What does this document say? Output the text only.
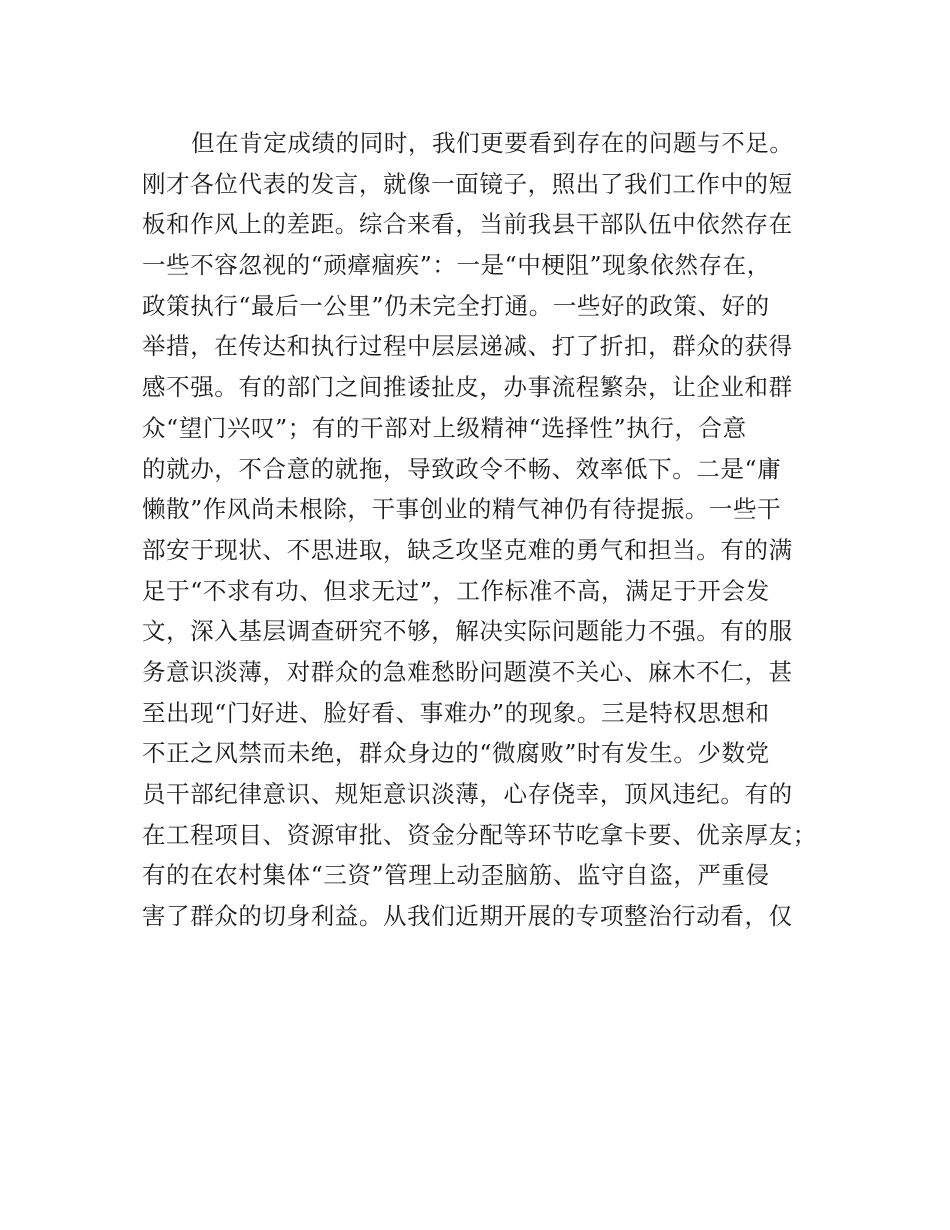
但在肯定成绩的同时，我们更要看到存在的问题与不足。
刚才各位代表的发言，就像一面镜子，照出了我们工作中的短
板和作风上的差距。综合来看，当前我县干部队伍中依然存在
一些不容忽视的“顽瘴痼疾”：一是“中梗阻”现象依然存在，
政策执行“最后一公里”仍未完全打通。一些好的政策、好的
举措，在传达和执行过程中层层递减、打了折扣，群众的获得
感不强。有的部门之间推诿扯皮，办事流程繁杂，让企业和群
众“望门兴叹”；有的干部对上级精神“选择性”执行，合意
的就办，不合意的就拖，导致政令不畅、效率低下。二是“庸
懒散”作风尚未根除，干事创业的精气神仍有待提振。一些干
部安于现状、不思进取，缺乏攻坚克难的勇气和担当。有的满
足于“不求有功、但求无过”，工作标准不高，满足于开会发
文，深入基层调查研究不够，解决实际问题能力不强。有的服
务意识淡薄，对群众的急难愁盼问题漠不关心、麻木不仁，甚
至出现“门好进、脸好看、事难办”的现象。三是特权思想和
不正之风禁而未绝，群众身边的“微腐败”时有发生。少数党
员干部纪律意识、规矩意识淡薄，心存侥幸，顶风违纪。有的
在工程项目、资源审批、资金分配等环节吃拿卡要、优亲厚友；
有的在农村集体“三资”管理上动歪脑筋、监守自盗，严重侵
害了群众的切身利益。从我们近期开展的专项整治行动看，仅
